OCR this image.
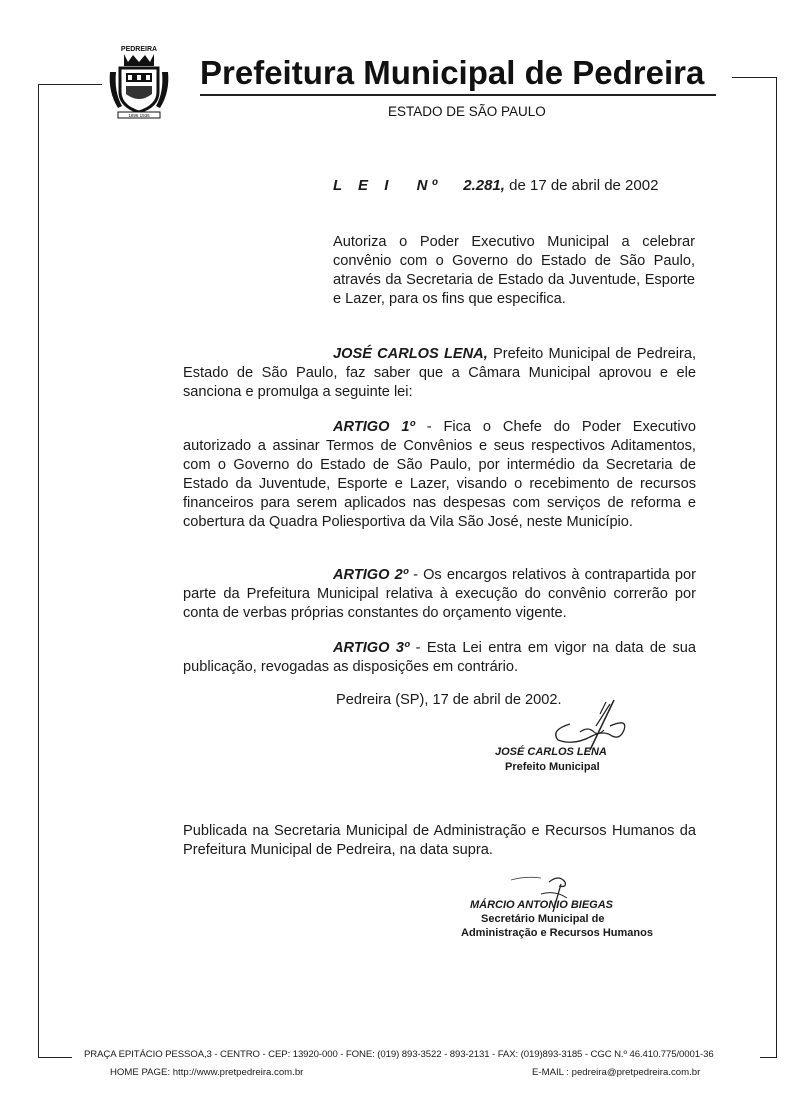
PEDREIRA
1896 1936
Prefeitura Municipal de Pedreira
ESTADO DE SÃO PAULO
L E I N º 2.281, de 17 de abril de 2002
Autoriza o Poder Executivo Municipal a celebrar convênio com o Governo do Estado de São Paulo, através da Secretaria de Estado da Juventude, Esporte e Lazer, para os fins que especifica.
JOSÉ CARLOS LENA, Prefeito Municipal de Pedreira, Estado de São Paulo, faz saber que a Câmara Municipal aprovou e ele sanciona e promulga a seguinte lei:
ARTIGO 1º - Fica o Chefe do Poder Executivo autorizado a assinar Termos de Convênios e seus respectivos Aditamentos, com o Governo do Estado de São Paulo, por intermédio da Secretaria de Estado da Juventude, Esporte e Lazer, visando o recebimento de recursos financeiros para serem aplicados nas despesas com serviços de reforma e cobertura da Quadra Poliesportiva da Vila São José, neste Município.
ARTIGO 2º - Os encargos relativos à contrapartida por parte da Prefeitura Municipal relativa à execução do convênio correrão por conta de verbas próprias constantes do orçamento vigente.
ARTIGO 3º - Esta Lei entra em vigor na data de sua publicação, revogadas as disposições em contrário.
Pedreira (SP), 17 de abril de 2002.
JOSÉ CARLOS LENA
Prefeito Municipal
Publicada na Secretaria Municipal de Administração e Recursos Humanos da Prefeitura Municipal de Pedreira, na data supra.
MÁRCIO ANTONIO BIEGAS
Secretário Municipal de
Administração e Recursos Humanos
PRAÇA EPITÁCIO PESSOA,3 - CENTRO - CEP: 13920-000 - FONE: (019) 893-3522 - 893-2131 - FAX: (019)893-3185 - CGC N.º 46.410.775/0001-36
HOME PAGE: http://www.pretpedreira.com.br	E-MAIL : pedreira@pretpedreira.com.br
